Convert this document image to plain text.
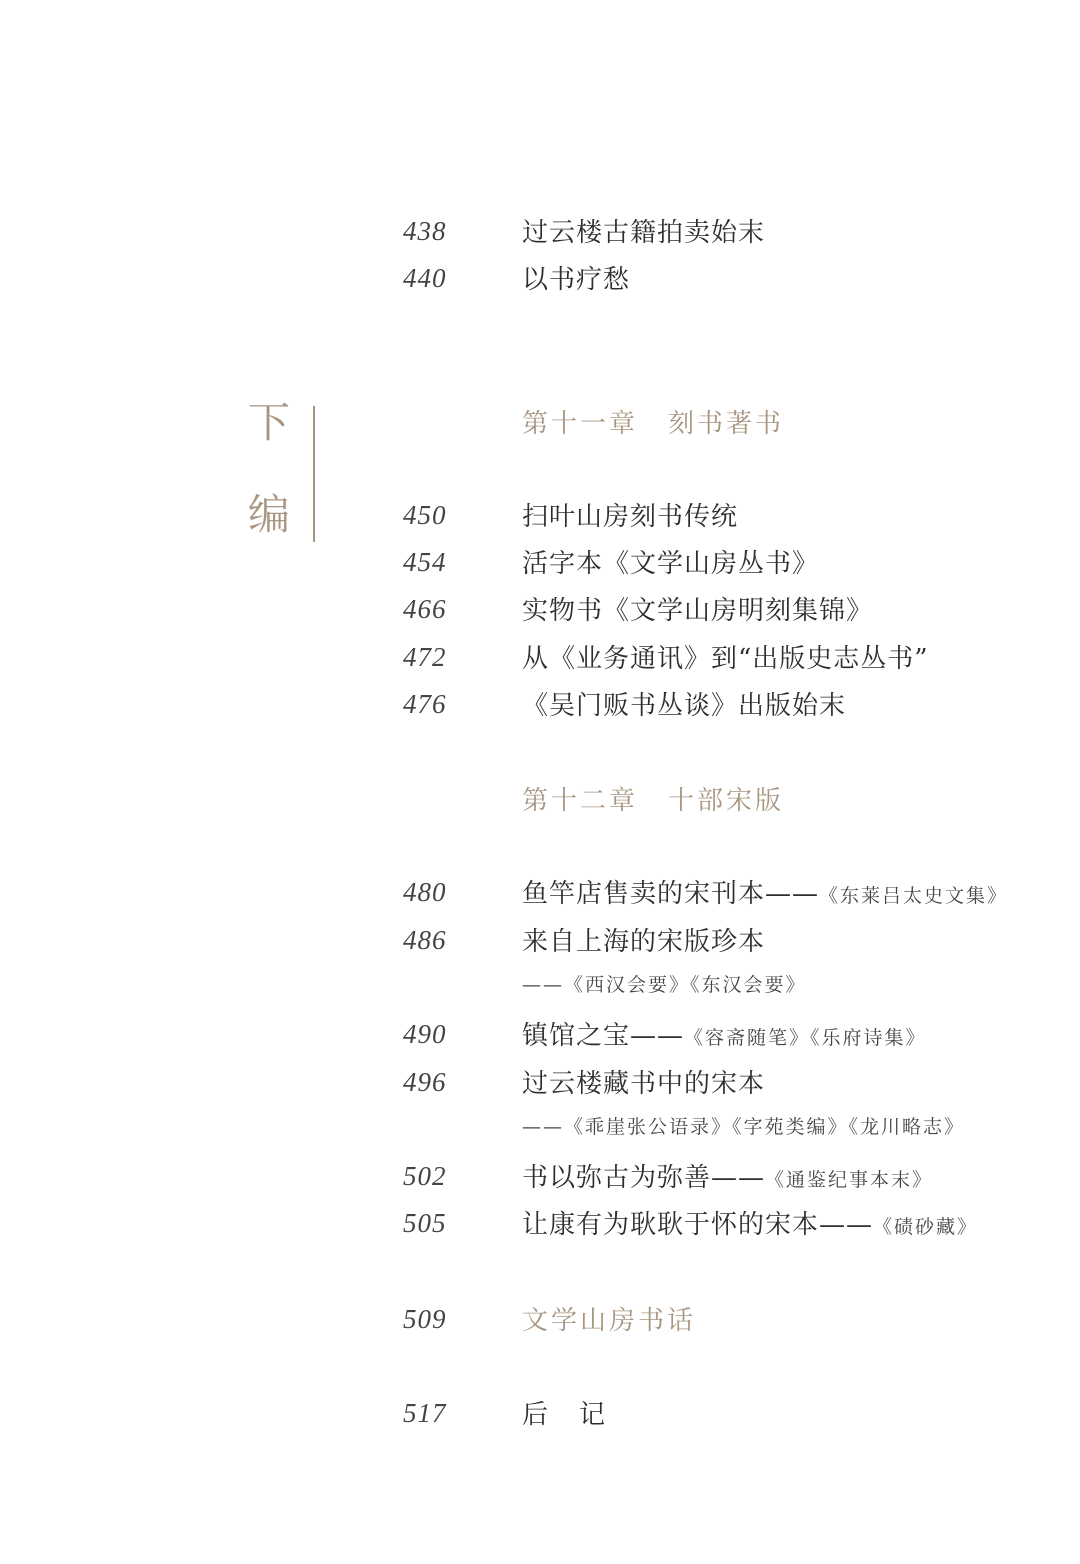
下
编
438	过云楼古籍拍卖始末
440	以书疗愁
第十一章 刻书著书
450	扫叶山房刻书传统
454	活字本《文学山房丛书》
466	实物书《文学山房明刻集锦》
472	从《业务通讯》到“出版史志丛书”
476	《吴门贩书丛谈》出版始末
第十二章 十部宋版
480	鱼竿店售卖的宋刊本——《东莱吕太史文集》
486	来自上海的宋版珍本
——《西汉会要》《东汉会要》
490	镇馆之宝——《容斋随笔》《乐府诗集》
496	过云楼藏书中的宋本
——《乖崖张公语录》《字苑类编》《龙川略志》
502	书以弥古为弥善——《通鉴纪事本末》
505	让康有为耿耿于怀的宋本——《碛砂藏》
509	文学山房书话
517	后 记
